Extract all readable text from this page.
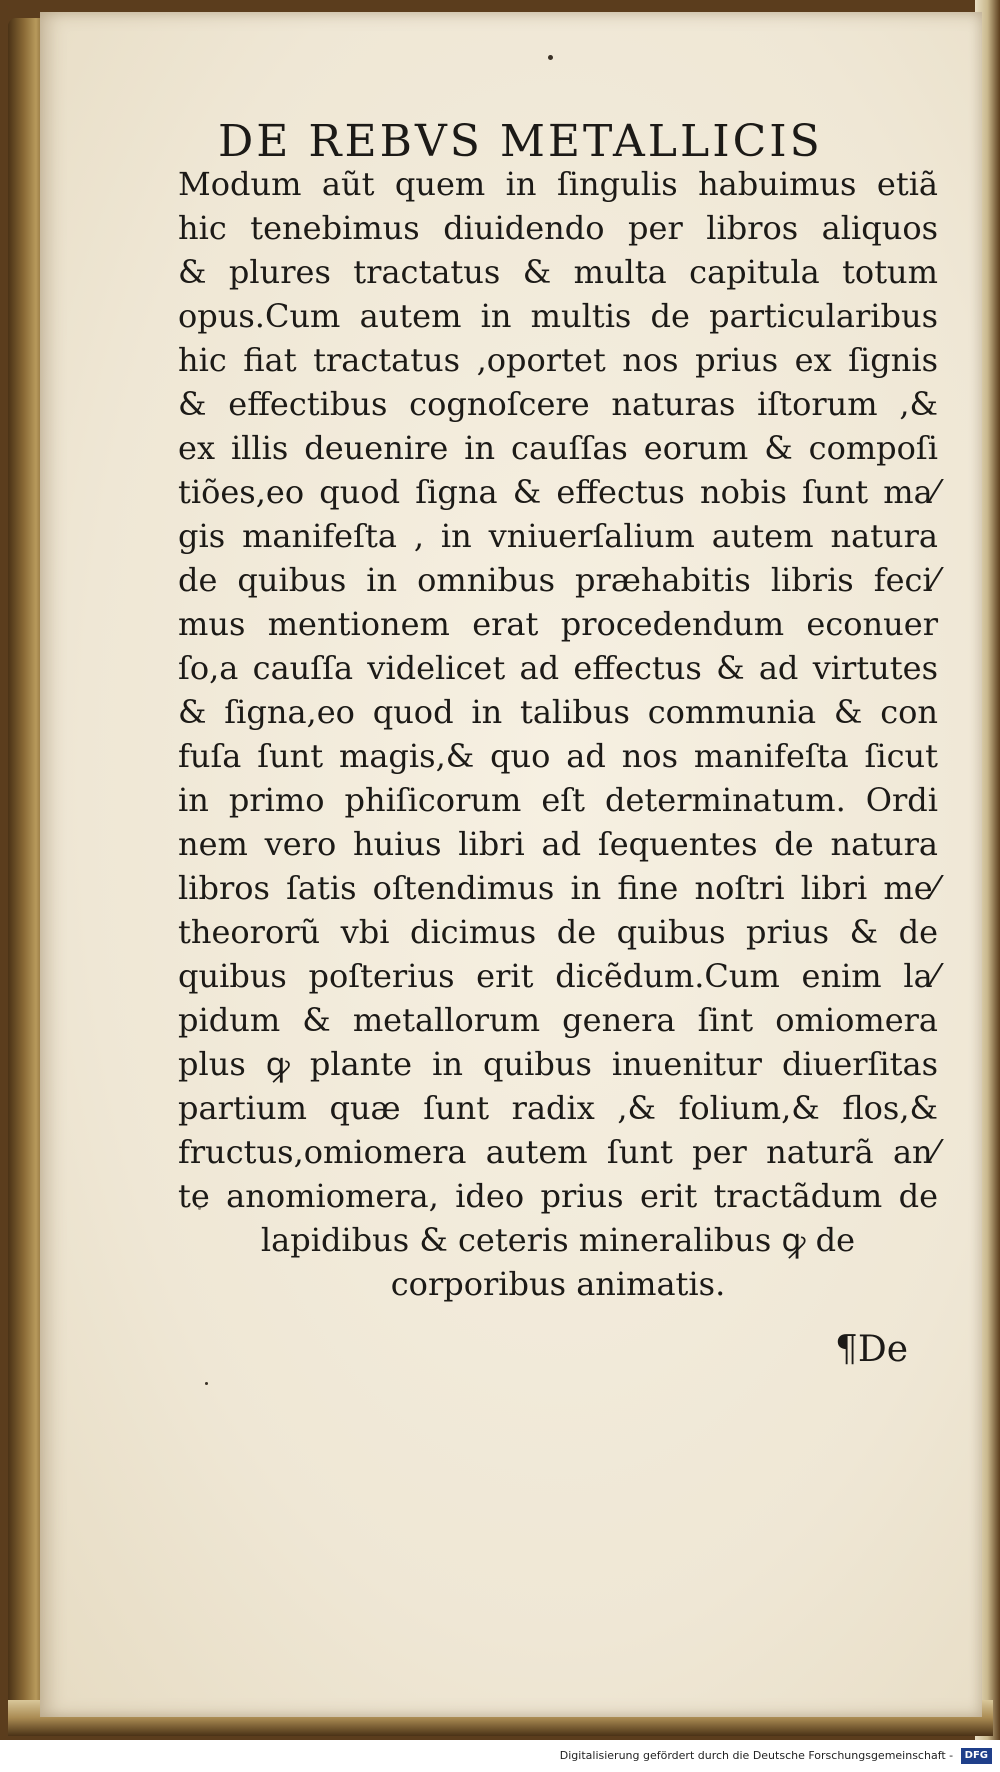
DE REBVS METALLICIS
Modum aũt quem in ſingulis habuimus etiã
hic tenebimus diuidendo per libros aliquos
& plures tractatus & multa capitula totum
opus.Cum autem in multis de particularibus
hic fiat tractatus ,oportet nos prius ex ſignis
& effectibus cognoſcere naturas iſtorum ,&
ex illis deuenire in cauſſas eorum & compoſi
tiões,eo quod ſigna & effectus nobis ſunt ma⁄
gis manifeſta , in vniuerſalium autem natura
de quibus in omnibus præhabitis libris feci⁄
mus mentionem erat procedendum econuer
ſo,a cauſſa videlicet ad effectus & ad virtutes
& ſigna,eo quod in talibus communia & con
fuſa ſunt magis,& quo ad nos manifeſta ſicut
in primo phiſicorum eſt determinatum. Ordi
nem vero huius libri ad ſequentes de natura
libros ſatis oſtendimus in fine noſtri libri me⁄
theororũ vbi dicimus de quibus prius & de
quibus poſterius erit dicẽdum.Cum enim la⁄
pidum & metallorum genera ſint omiomera
plus ꝙ plante in quibus inuenitur diuerſitas
partium quæ ſunt radix ,& folium,& flos,&
fructus,omiomera autem ſunt per naturã an⁄
te anomiomera, ideo prius erit tractãdum de
lapidibus & ceteris mineralibus ꝙ de
corporibus animatis.
¶De
Digitalisierung gefördert durch die Deutsche Forschungsgemeinschaft - DFG
